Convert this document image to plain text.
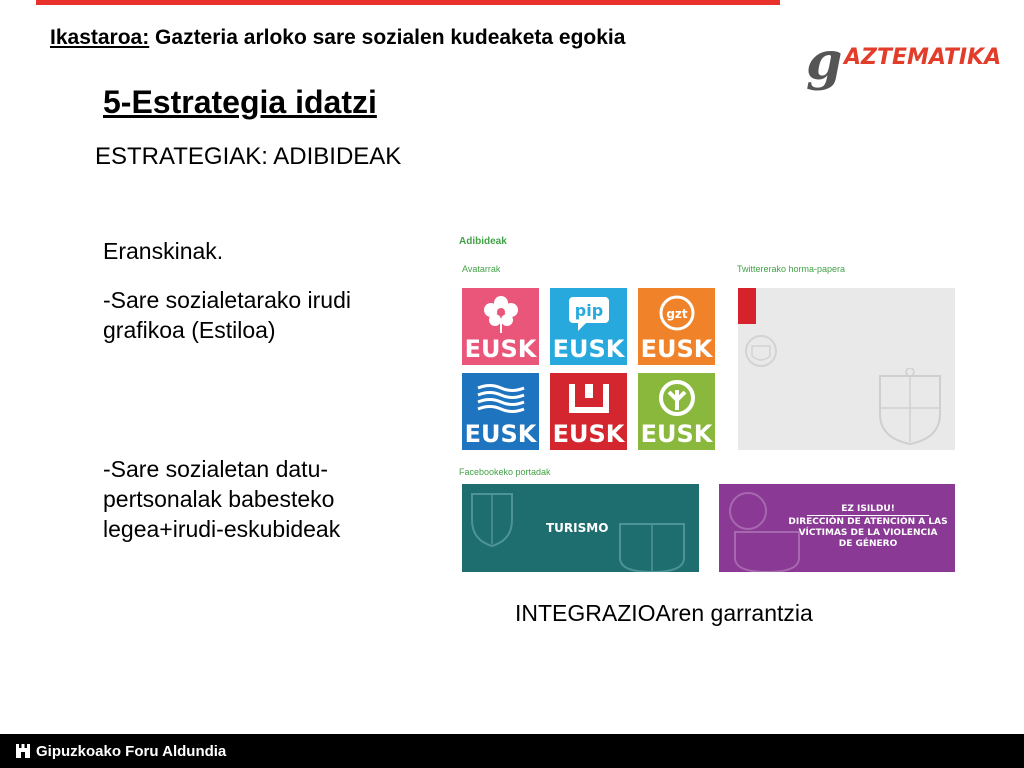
Ikastaroa: Gazteria arloko sare sozialen kudeaketa egokia	g AZTEMATIKA
5-Estrategia idatzi
ESTRATEGIAK: ADIBIDEAK
Eranskinak.
-Sare sozialetarako irudi
grafikoa (Estiloa)
-Sare sozialetan datu-
pertsonalak babesteko
legea+irudi-eskubideak
Adibideak
Avatarrak	Twittererako horma-papera
Facebookeko portadak
EUSK
pip
EUSK
gzt
EUSK
EUSK EUSK EUSK
TURISMO
EZ ISILDU!
DIRECCIÓN DE ATENCIÓN A LAS
VÍCTIMAS DE LA VIOLENCIA
DE GÉNERO
INTEGRAZIOAren garrantzia
Gipuzkoako Foru Aldundia
